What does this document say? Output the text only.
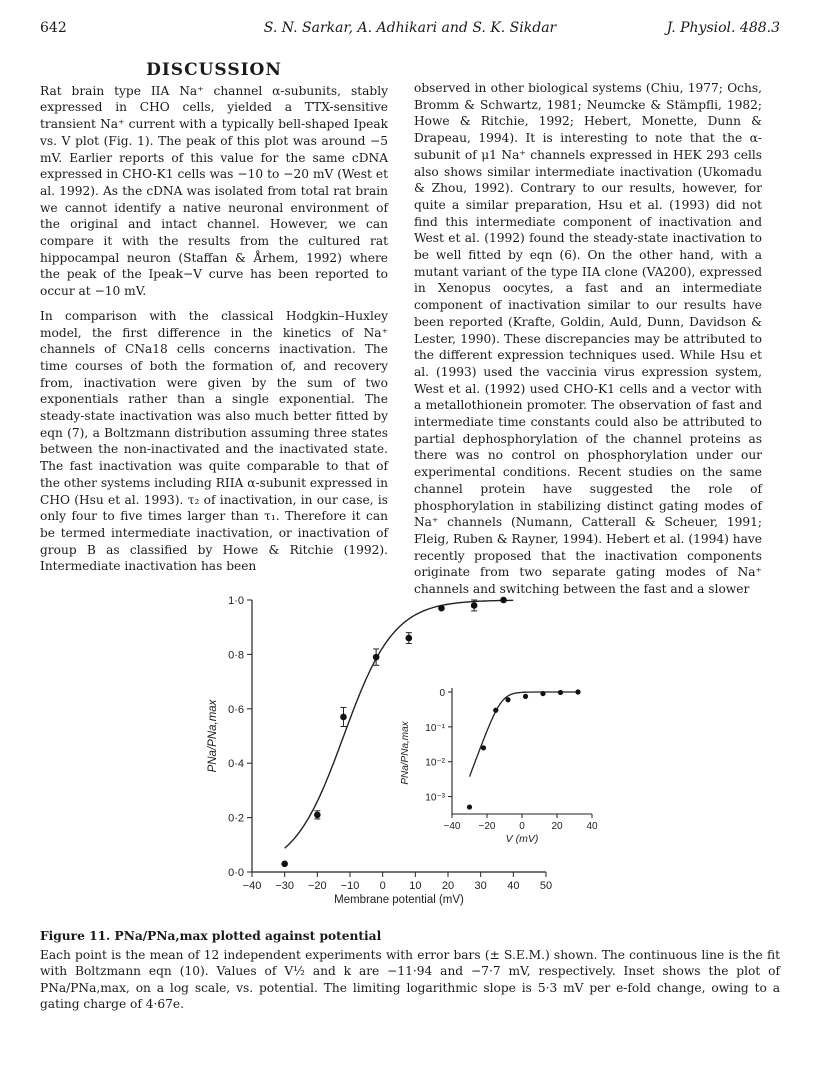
642	S. N. Sarkar, A. Adhikari and S. K. Sikdar	J. Physiol. 488.3
DISCUSSION

Rat brain type IIA Na⁺ channel α-subunits, stably expressed in CHO cells, yielded a TTX-sensitive transient Na⁺ current with a typically bell-shaped Ipeak vs. V plot (Fig. 1). The peak of this plot was around −5 mV. Earlier reports of this value for the same cDNA expressed in CHO-K1 cells was −10 to −20 mV (West et al. 1992). As the cDNA was isolated from total rat brain we cannot identify a native neuronal environment of the original and intact channel. However, we can compare it with the results from the cultured rat hippocampal neuron (Staffan & Århem, 1992) where the peak of the Ipeak−V curve has been reported to occur at −10 mV.

In comparison with the classical Hodgkin–Huxley model, the first difference in the kinetics of Na⁺ channels of CNa18 cells concerns inactivation. The time courses of both the formation of, and recovery from, inactivation were given by the sum of two exponentials rather than a single exponential. The steady-state inactivation was also much better fitted by eqn (7), a Boltzmann distribution assuming three states between the non-inactivated and the inactivated state. The fast inactivation was quite comparable to that of the other systems including RIIA α-subunit expressed in CHO (Hsu et al. 1993). τ₂ of inactivation, in our case, is only four to five times larger than τ₁. Therefore it can be termed intermediate inactivation, or inactivation of group B as classified by Howe & Ritchie (1992). Intermediate inactivation has been

observed in other biological systems (Chiu, 1977; Ochs, Bromm & Schwartz, 1981; Neumcke & Stämpfli, 1982; Howe & Ritchie, 1992; Hebert, Monette, Dunn & Drapeau, 1994). It is interesting to note that the α-subunit of μ1 Na⁺ channels expressed in HEK 293 cells also shows similar intermediate inactivation (Ukomadu & Zhou, 1992). Contrary to our results, however, for quite a similar preparation, Hsu et al. (1993) did not find this intermediate component of inactivation and West et al. (1992) found the steady-state inactivation to be well fitted by eqn (6). On the other hand, with a mutant variant of the type IIA clone (VA200), expressed in Xenopus oocytes, a fast and an intermediate component of inactivation similar to our results have been reported (Krafte, Goldin, Auld, Dunn, Davidson & Lester, 1990). These discrepancies may be attributed to the different expression techniques used. While Hsu et al. (1993) used the vaccinia virus expression system, West et al. (1992) used CHO-K1 cells and a vector with a metallothionein promoter. The observation of fast and intermediate time constants could also be attributed to partial dephosphorylation of the channel proteins as there was no control on phosphorylation under our experimental conditions. Recent studies on the same channel protein have suggested the role of phosphorylation in stabilizing distinct gating modes of Na⁺ channels (Numann, Catterall & Scheuer, 1991; Fleig, Ruben & Rayner, 1994). Hebert et al. (1994) have recently proposed that the inactivation components originate from two separate gating modes of Na⁺ channels and switching between the fast and a slower

−40 −30 −20 −10 0 10 20 30 40 50
0·0
0·2
0·4
0·6
0·8
1·0
Membrane potential (mV)
PNa/PNa,max
−40 −20 0	20 40
0
10⁻¹
10⁻²
10⁻³
V (mV)
PNa/PNa,max
Figure 11. PNa/PNa,max plotted against potential
Each point is the mean of 12 independent experiments with error bars (± S.E.M.) shown. The continuous line is the fit with Boltzmann eqn (10). Values of V½ and k are −11·94 and −7·7 mV, respectively. Inset shows the plot of PNa/PNa,max, on a log scale, vs. potential. The limiting logarithmic slope is 5·3 mV per e-fold change, owing to a gating charge of 4·67e.
